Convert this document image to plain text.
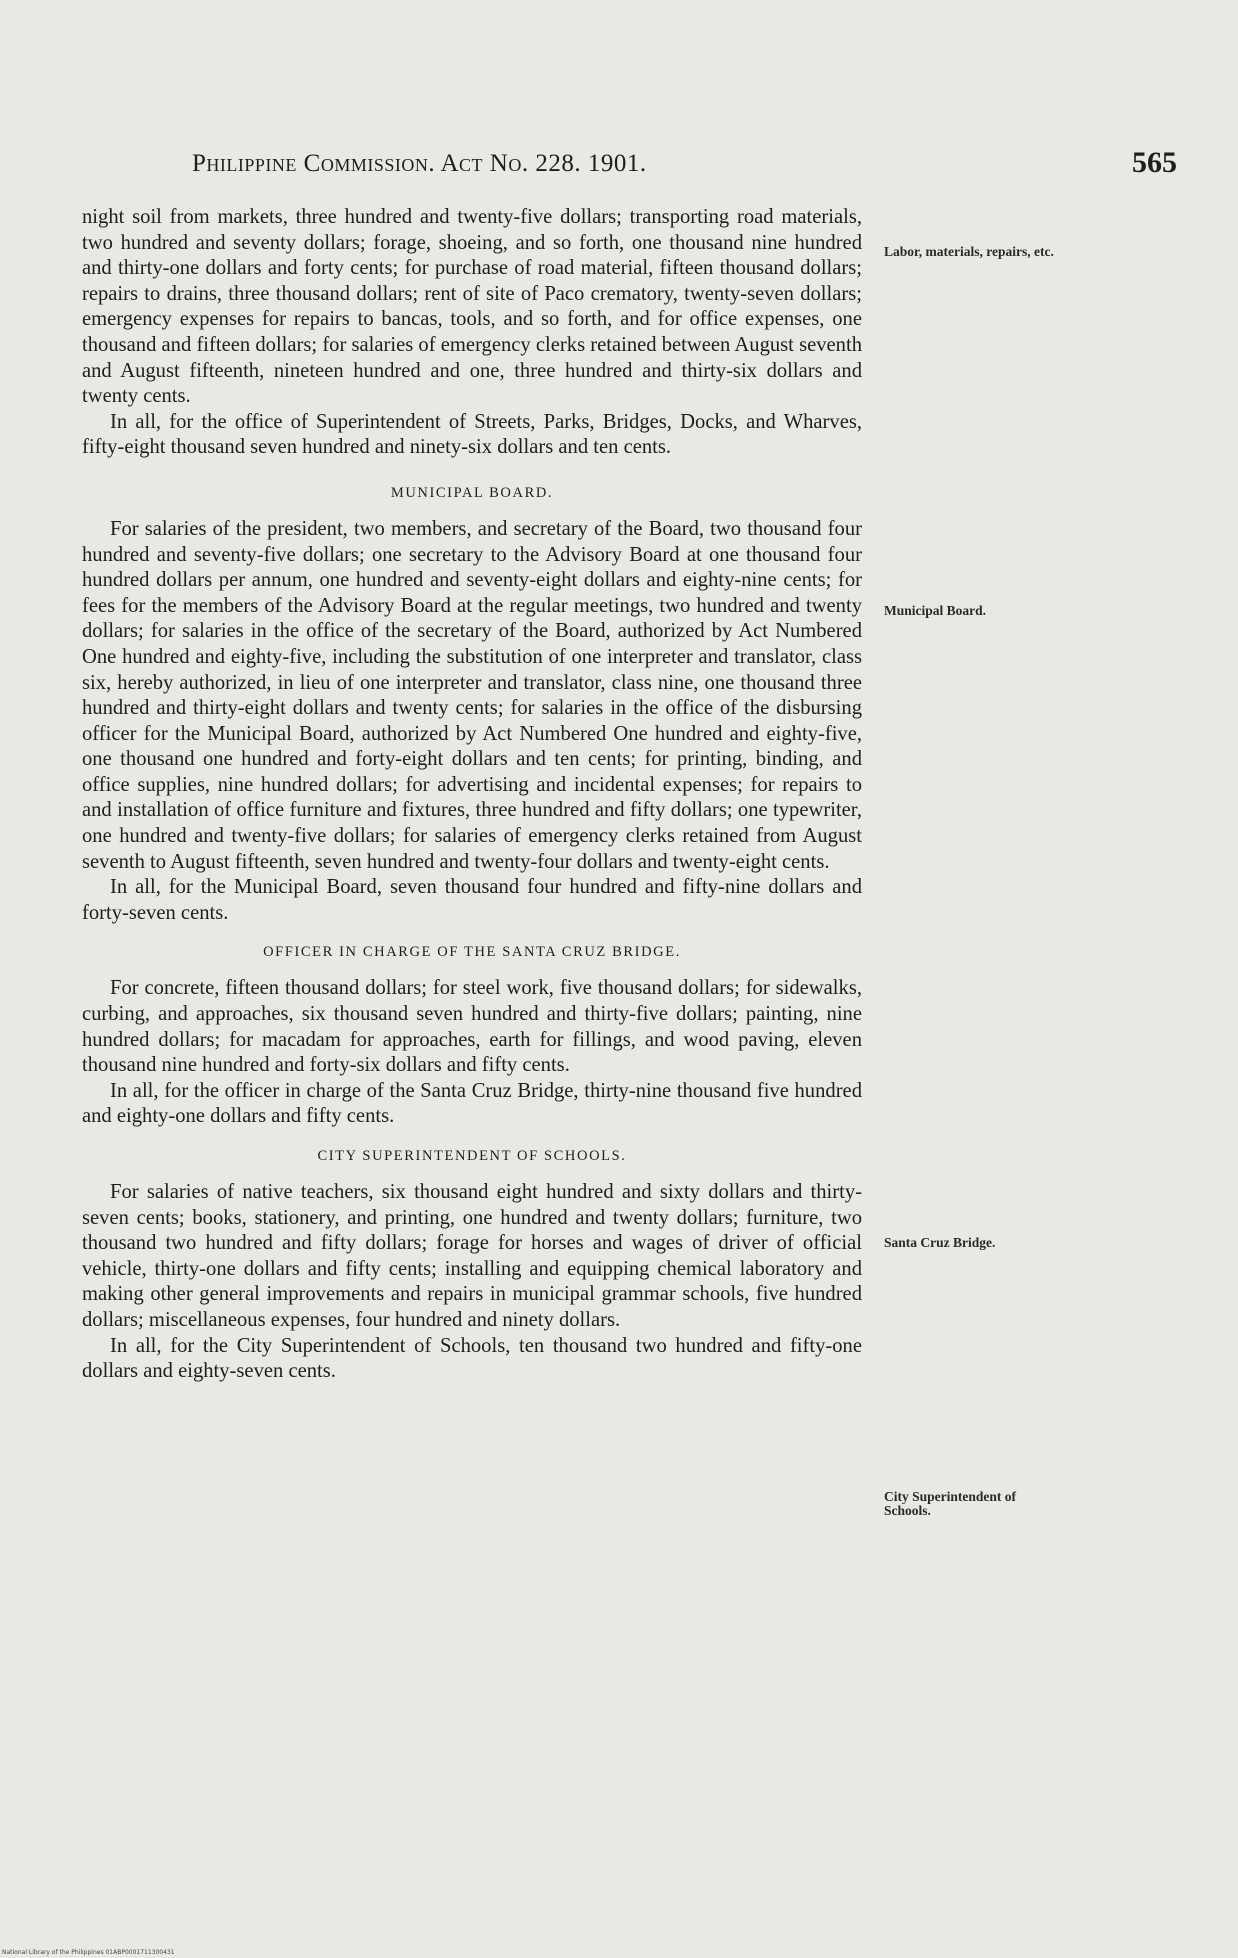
Philippine Commission. Act No. 228. 1901.	565

night soil from markets, three hundred and twenty-five dollars; transporting road materials, two hundred and seventy dollars; forage, shoeing, and so forth, one thousand nine hundred and thirty-one dollars and forty cents; for purchase of road material, fifteen thousand dollars; repairs to drains, three thousand dollars; rent of site of Paco crematory, twenty-seven dollars; emergency expenses for repairs to bancas, tools, and so forth, and for office expenses, one thousand and fifteen dollars; for salaries of emergency clerks retained between August seventh and August fifteenth, nineteen hundred and one, three hundred and thirty-six dollars and twenty cents.

In all, for the office of Superintendent of Streets, Parks, Bridges, Docks, and Wharves, fifty-eight thousand seven hundred and ninety-six dollars and ten cents.

MUNICIPAL BOARD.

For salaries of the president, two members, and secretary of the Board, two thousand four hundred and seventy-five dollars; one secretary to the Advisory Board at one thousand four hundred dollars per annum, one hundred and seventy-eight dollars and eighty-nine cents; for fees for the members of the Advisory Board at the regular meetings, two hundred and twenty dollars; for salaries in the office of the secretary of the Board, authorized by Act Numbered One hundred and eighty-five, including the substitution of one interpreter and translator, class six, hereby authorized, in lieu of one interpreter and translator, class nine, one thousand three hundred and thirty-eight dollars and twenty cents; for salaries in the office of the disbursing officer for the Municipal Board, authorized by Act Numbered One hundred and eighty-five, one thousand one hundred and forty-eight dollars and ten cents; for printing, binding, and office supplies, nine hundred dollars; for advertising and incidental expenses; for repairs to and installation of office furniture and fixtures, three hundred and fifty dollars; one typewriter, one hundred and twenty-five dollars; for salaries of emergency clerks retained from August seventh to August fifteenth, seven hundred and twenty-four dollars and twenty-eight cents.

In all, for the Municipal Board, seven thousand four hundred and fifty-nine dollars and forty-seven cents.

OFFICER IN CHARGE OF THE SANTA CRUZ BRIDGE.

For concrete, fifteen thousand dollars; for steel work, five thousand dollars; for sidewalks, curbing, and approaches, six thousand seven hundred and thirty-five dollars; painting, nine hundred dollars; for macadam for approaches, earth for fillings, and wood paving, eleven thousand nine hundred and forty-six dollars and fifty cents.

In all, for the officer in charge of the Santa Cruz Bridge, thirty-nine thousand five hundred and eighty-one dollars and fifty cents.

CITY SUPERINTENDENT OF SCHOOLS.

For salaries of native teachers, six thousand eight hundred and sixty dollars and thirty-seven cents; books, stationery, and printing, one hundred and twenty dollars; furniture, two thousand two hundred and fifty dollars; forage for horses and wages of driver of official vehicle, thirty-one dollars and fifty cents; installing and equipping chemical laboratory and making other general improvements and repairs in municipal grammar schools, five hundred dollars; miscellaneous expenses, four hundred and ninety dollars.

In all, for the City Superintendent of Schools, ten thousand two hundred and fifty-one dollars and eighty-seven cents.

Labor, materials, repairs, etc.
Municipal Board.
Santa Cruz Bridge.
City Superintendent of Schools.
National Library of the Philippines 01ABP0001711300431
